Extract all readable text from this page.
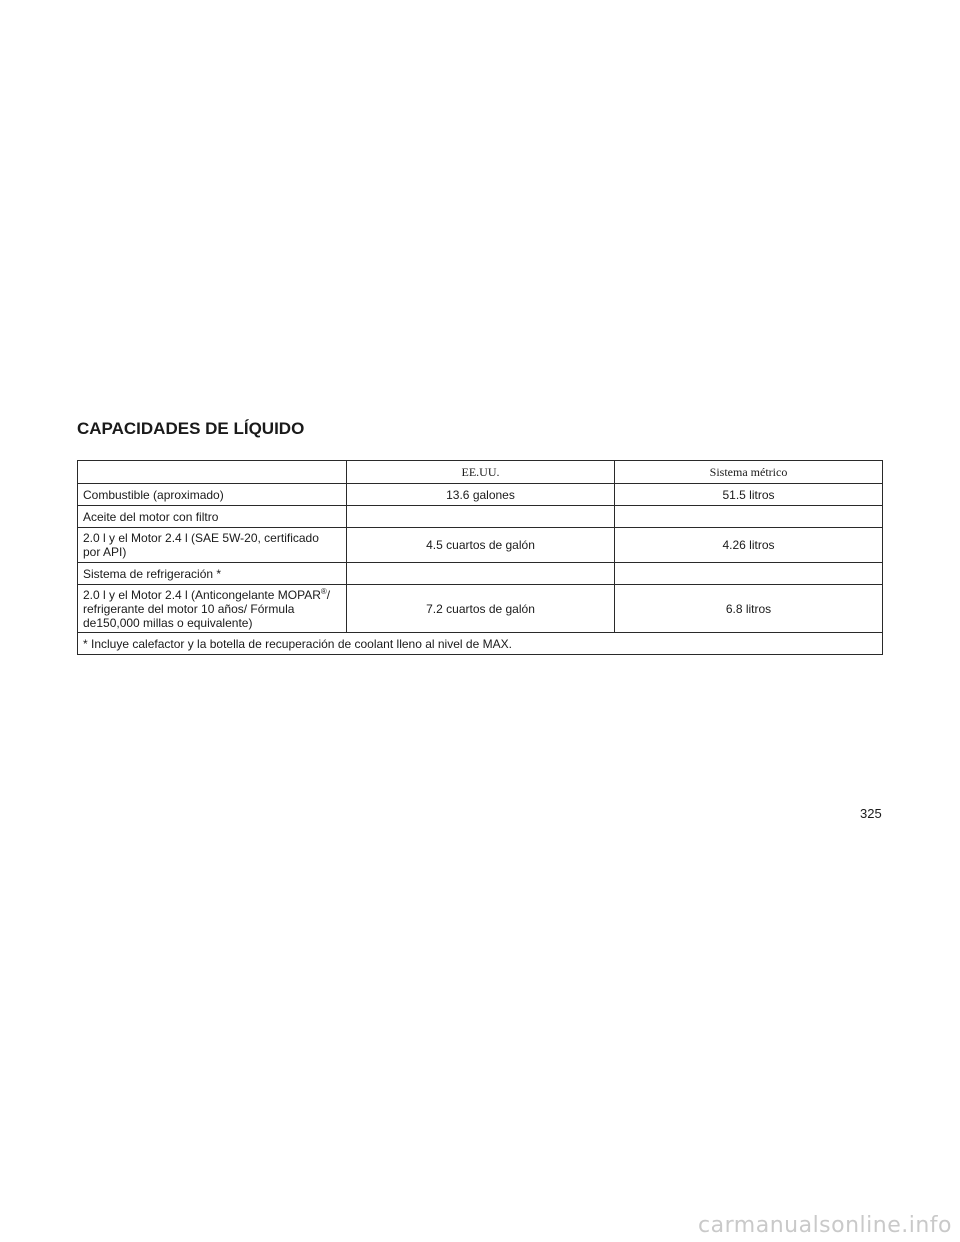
CAPACIDADES DE LÍQUIDO
	EE.UU.	Sistema métrico
Combustible (aproximado)	13.6 galones	51.5 litros
Aceite del motor con filtro		
2.0 l y el Motor 2.4 l (SAE 5W-20, certificado
por API)	4.5 cuartos de galón	4.26 litros
Sistema de refrigeración *		
2.0 l y el Motor 2.4 l (Anticongelante MOPAR®/
refrigerante del motor 10 años/ Fórmula
de150,000 millas o equivalente)	7.2 cuartos de galón	6.8 litros
* Incluye calefactor y la botella de recuperación de coolant lleno al nivel de MAX.		
325
carmanualsonline.info
